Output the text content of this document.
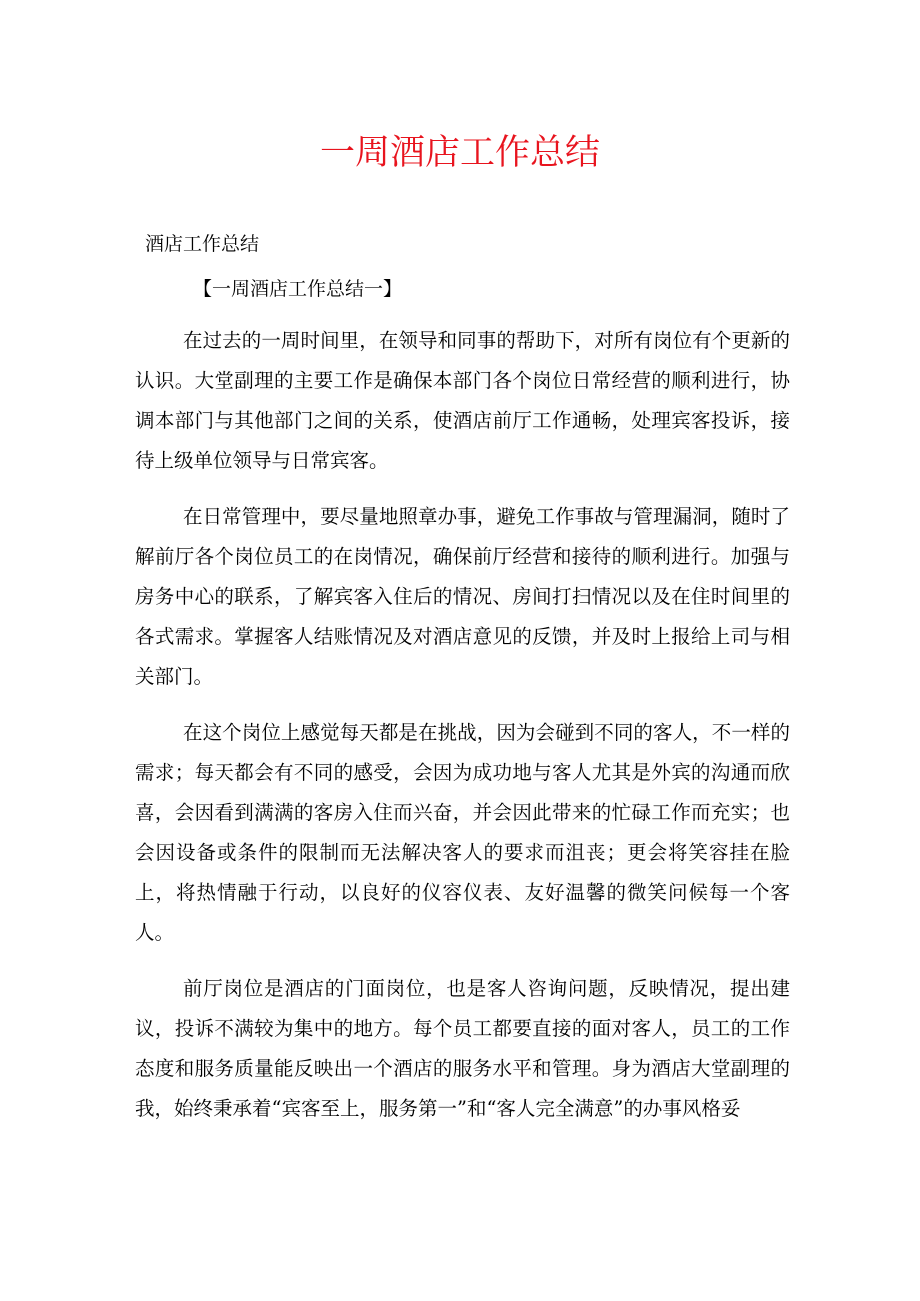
一周酒店工作总结
酒店工作总结
【一周酒店工作总结一】

在过去的一周时间里，在领导和同事的帮助下，对所有岗位有个更新的认识。大堂副理的主要工作是确保本部门各个岗位日常经营的顺利进行，协调本部门与其他部门之间的关系，使酒店前厅工作通畅，处理宾客投诉，接待上级单位领导与日常宾客。

在日常管理中，要尽量地照章办事，避免工作事故与管理漏洞，随时了解前厅各个岗位员工的在岗情况，确保前厅经营和接待的顺利进行。加强与房务中心的联系，了解宾客入住后的情况、房间打扫情况以及在住时间里的各式需求。掌握客人结账情况及对酒店意见的反馈，并及时上报给上司与相关部门。

在这个岗位上感觉每天都是在挑战，因为会碰到不同的客人，不一样的需求；每天都会有不同的感受，会因为成功地与客人尤其是外宾的沟通而欣喜，会因看到满满的客房入住而兴奋，并会因此带来的忙碌工作而充实；也会因设备或条件的限制而无法解决客人的要求而沮丧；更会将笑容挂在脸上，将热情融于行动，以良好的仪容仪表、友好温馨的微笑问候每一个客人。

前厅岗位是酒店的门面岗位，也是客人咨询问题，反映情况，提出建议，投诉不满较为集中的地方。每个员工都要直接的面对客人，员工的工作态度和服务质量能反映出一个酒店的服务水平和管理。身为酒店大堂副理的我，始终秉承着“宾客至上，服务第一”和“客人完全满意”的办事风格妥
